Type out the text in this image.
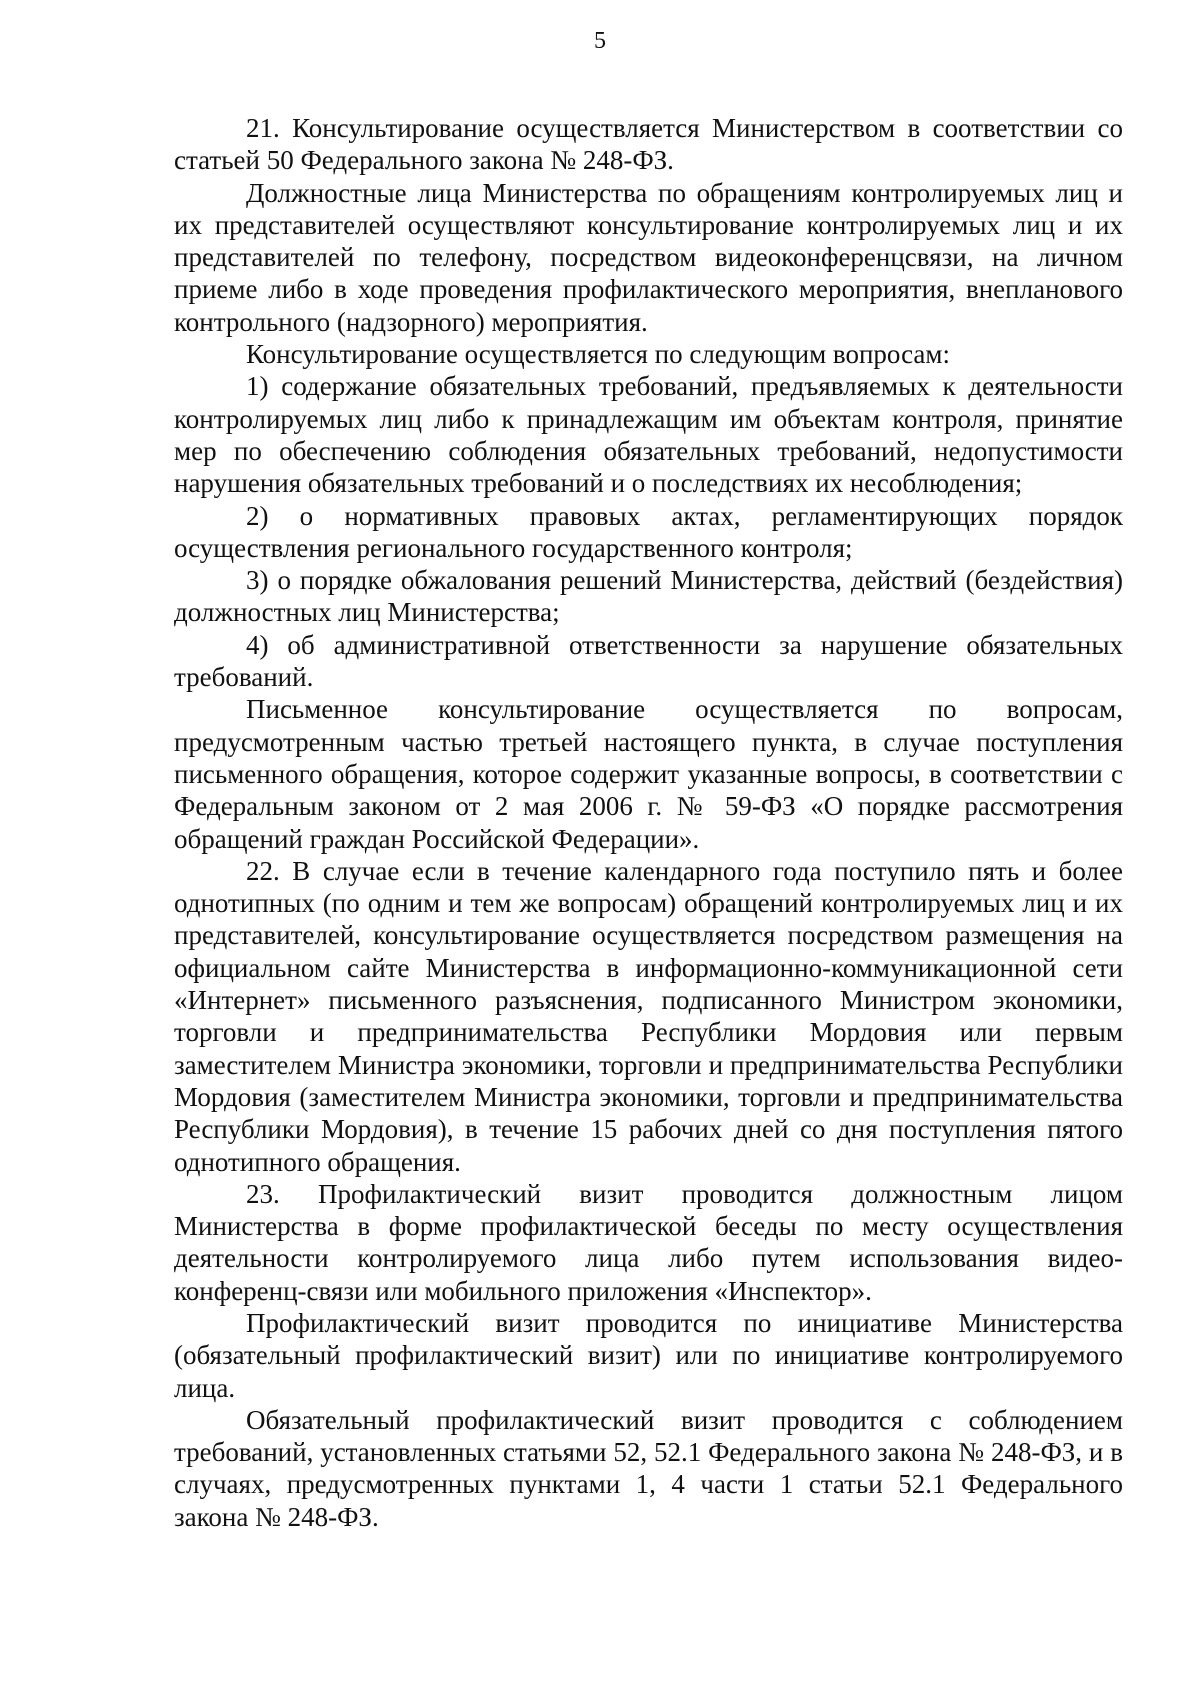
5

21. Консультирование осуществляется Министерством в соответствии со статьей 50 Федерального закона № 248-ФЗ.

Должностные лица Министерства по обращениям контролируемых лиц и их представителей осуществляют консультирование контролируемых лиц и их представителей по телефону, посредством видеоконференцсвязи, на личном приеме либо в ходе проведения профилактического мероприятия, внепланового контрольного (надзорного) мероприятия.

Консультирование осуществляется по следующим вопросам:

1) содержание обязательных требований, предъявляемых к деятельности контролируемых лиц либо к принадлежащим им объектам контроля, принятие мер по обеспечению соблюдения обязательных требований, недопустимости нарушения обязательных требований и о последствиях их несоблюдения;

2) о нормативных правовых актах, регламентирующих порядок осуществления регионального государственного контроля;

3) о порядке обжалования решений Министерства, действий (бездействия) должностных лиц Министерства;

4) об административной ответственности за нарушение обязательных требований.

Письменное консультирование осуществляется по вопросам, предусмотренным частью третьей настоящего пункта, в случае поступления письменного обращения, которое содержит указанные вопросы, в соответствии с Федеральным законом от 2 мая 2006 г. № 59-ФЗ «О порядке рассмотрения обращений граждан Российской Федерации».

22. В случае если в течение календарного года поступило пять и более однотипных (по одним и тем же вопросам) обращений контролируемых лиц и их представителей, консультирование осуществляется посредством размещения на официальном сайте Министерства в информационно-коммуникационной сети «Интернет» письменного разъяснения, подписанного Министром экономики, торговли и предпринимательства Республики Мордовия или первым заместителем Министра экономики, торговли и предпринимательства Республики Мордовия (заместителем Министра экономики, торговли и предпринимательства Республики Мордовия), в течение 15 рабочих дней со дня поступления пятого однотипного обращения.

23. Профилактический визит проводится должностным лицом Министерства в форме профилактической беседы по месту осуществления деятельности контролируемого лица либо путем использования видео-конференц-связи или мобильного приложения «Инспектор».

Профилактический визит проводится по инициативе Министерства (обязательный профилактический визит) или по инициативе контролируемого лица.

Обязательный профилактический визит проводится с соблюдением требований, установленных статьями 52, 52.1 Федерального закона № 248-ФЗ, и в случаях, предусмотренных пунктами 1, 4 части 1 статьи 52.1 Федерального закона № 248-ФЗ.
